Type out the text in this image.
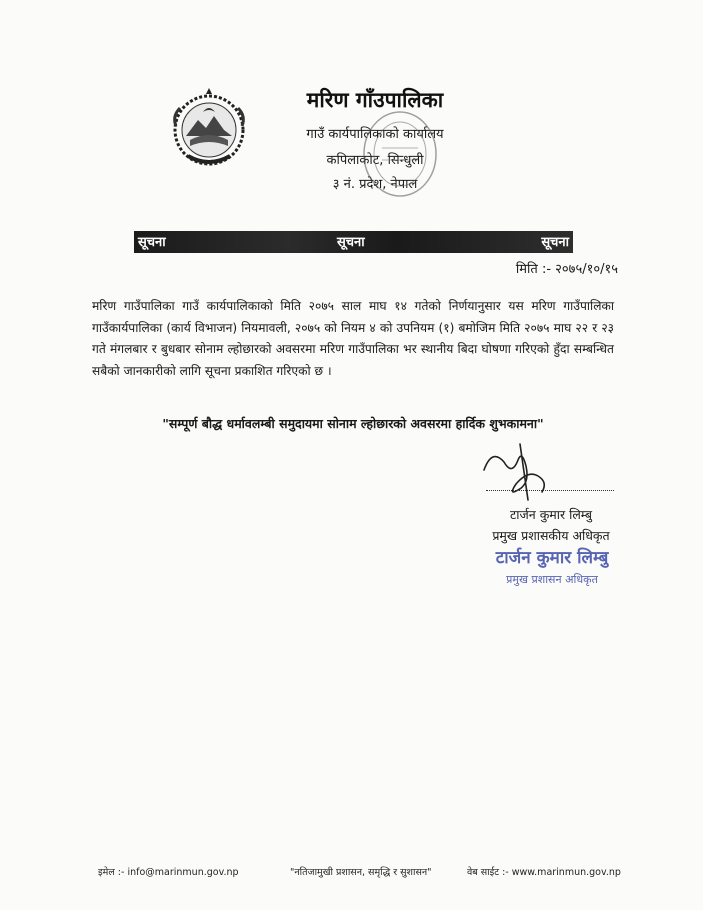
मरिण गाँउपालिका
गाउँ कार्यपालिकाको कार्यालय
कपिलाकोट, सिन्धुली
३ नं. प्रदेश, नेपाल
सूचना	सूचना	सूचना
मिति :- २०७५/१०/१५
मरिण गाउँपालिका गाउँ कार्यपालिकाको मिति २०७५ साल माघ १४ गतेको निर्णयानुसार यस मरिण गाउँपालिका गाउँकार्यपालिका (कार्य विभाजन) नियमावली, २०७५ को नियम ४ को उपनियम (१) बमोजिम मिति २०७५ माघ २२ र २३ गते मंगलबार र बुधबार सोनाम ल्होछारको अवसरमा मरिण गाउँपालिका भर स्थानीय बिदा घोषणा गरिएको हुँदा सम्बन्धित सबैको जानकारीको लागि सूचना प्रकाशित गरिएको छ ।
"सम्पूर्ण बौद्ध धर्मावलम्बी समुदायमा सोनाम ल्होछारको अवसरमा हार्दिक शुभकामना"
टार्जन कुमार लिम्बु
प्रमुख प्रशासकीय अधिकृत
टार्जन कुमार लिम्बु
प्रमुख प्रशासन अधिकृत
इमेल :- info@marinmun.gov.np	"नतिजामुखी प्रशासन, समृद्धि र सुशासन"	वेब साईट :- www.marinmun.gov.np
